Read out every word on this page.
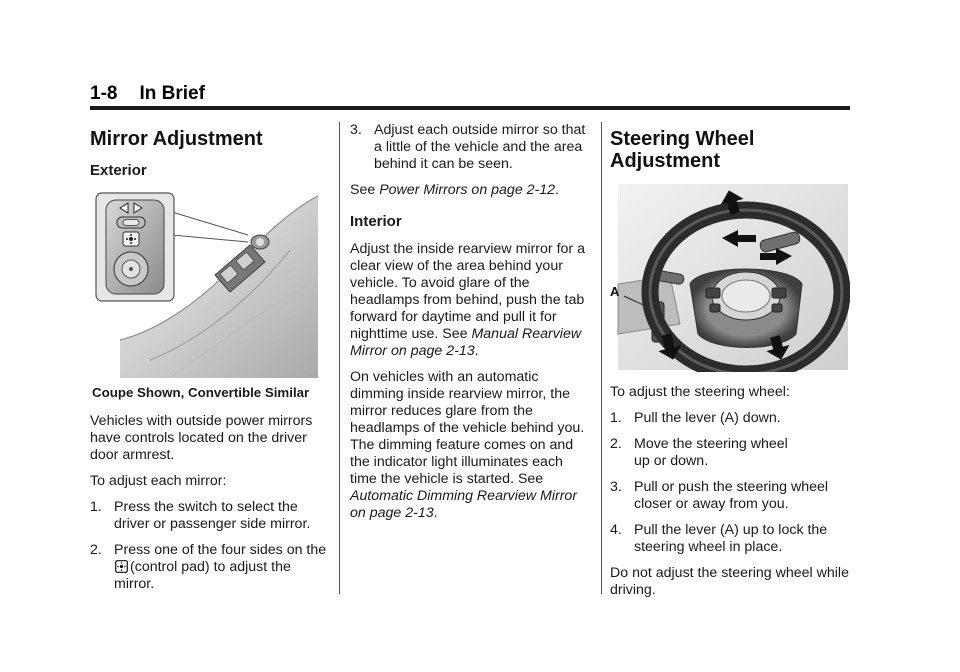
1-8 In Brief
Mirror Adjustment
Exterior
Coupe Shown, Convertible Similar

Vehicles with outside power mirrors have controls located on the driver door armrest.

To adjust each mirror:

1. Press the switch to select the driver or passenger side mirror.
2. Press one of the four sides on the(control pad) to adjust the mirror.
3. Adjust each outside mirror so that a little of the vehicle and the area behind it can be seen.

See Power Mirrors on page 2-12.

Interior

Adjust the inside rearview mirror for a clear view of the area behind your vehicle. To avoid glare of the headlamps from behind, push the tab forward for daytime and pull it for nighttime use. See Manual Rearview Mirror on page 2-13.

On vehicles with an automatic dimming inside rearview mirror, the mirror reduces glare from the headlamps of the vehicle behind you. The dimming feature comes on and the indicator light illuminates each time the vehicle is started. See Automatic Dimming Rearview Mirror on page 2-13.

Steering Wheel Adjustment
A

To adjust the steering wheel:

1. Pull the lever (A) down.
2. Move the steering wheel up or down.
3. Pull or push the steering wheel closer or away from you.
4. Pull the lever (A) up to lock the steering wheel in place.

Do not adjust the steering wheel while driving.
